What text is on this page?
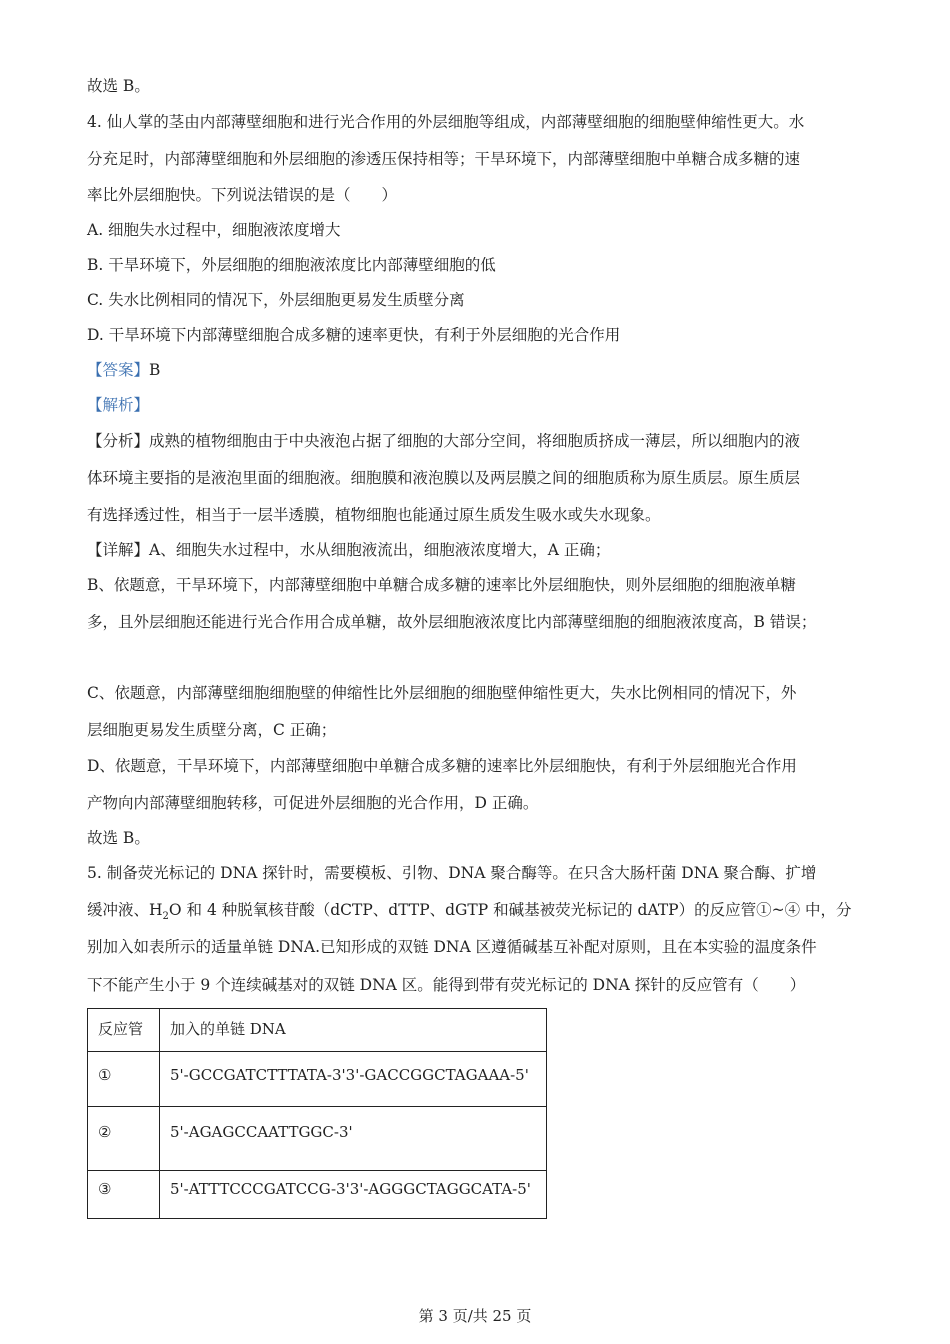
故选 B。
4. 仙人掌的茎由内部薄壁细胞和进行光合作用的外层细胞等组成，内部薄壁细胞的细胞壁伸缩性更大。水
分充足时，内部薄壁细胞和外层细胞的渗透压保持相等；干旱环境下，内部薄壁细胞中单糖合成多糖的速
率比外层细胞快。下列说法错误的是（　　）
A. 细胞失水过程中，细胞液浓度增大
B. 干旱环境下，外层细胞的细胞液浓度比内部薄壁细胞的低
C. 失水比例相同的情况下，外层细胞更易发生质壁分离
D. 干旱环境下内部薄壁细胞合成多糖的速率更快，有利于外层细胞的光合作用
【答案】B
【解析】
【分析】成熟的植物细胞由于中央液泡占据了细胞的大部分空间，将细胞质挤成一薄层，所以细胞内的液
体环境主要指的是液泡里面的细胞液。细胞膜和液泡膜以及两层膜之间的细胞质称为原生质层。原生质层
有选择透过性，相当于一层半透膜，植物细胞也能通过原生质发生吸水或失水现象。
【详解】A、细胞失水过程中，水从细胞液流出，细胞液浓度增大，A 正确；
B、依题意，干旱环境下，内部薄壁细胞中单糖合成多糖的速率比外层细胞快，则外层细胞的细胞液单糖
多，且外层细胞还能进行光合作用合成单糖，故外层细胞液浓度比内部薄壁细胞的细胞液浓度高，B 错误；
C、依题意，内部薄壁细胞细胞壁的伸缩性比外层细胞的细胞壁伸缩性更大，失水比例相同的情况下，外
层细胞更易发生质壁分离，C 正确；
D、依题意，干旱环境下，内部薄壁细胞中单糖合成多糖的速率比外层细胞快，有利于外层细胞光合作用
产物向内部薄壁细胞转移，可促进外层细胞的光合作用，D 正确。
故选 B。
5. 制备荧光标记的 DNA 探针时，需要模板、引物、DNA 聚合酶等。在只含大肠杆菌 DNA 聚合酶、扩增
缓冲液、$H_2O$ 和 4 种脱氧核苷酸（dCTP、dTTP、dGTP 和碱基被荧光标记的 dATP）的反应管①~④ 中，分
别加入如表所示的适量单链 DNA.已知形成的双链 DNA 区遵循碱基互补配对原则，且在本实验的温度条件
下不能产生小于 9 个连续碱基对的双链 DNA 区。能得到带有荧光标记的 DNA 探针的反应管有（　　）
反应管	加入的单链 DNA
①	5'-GCCGATCTTTATA-3'3'-GACCGGCTAGAAA-5'
②	5'-AGAGCCAATTGGC-3'
③	5'-ATTTCCCGATCCG-3'3'-AGGGCTAGGCATA-5'
第 3 页/共 25 页
